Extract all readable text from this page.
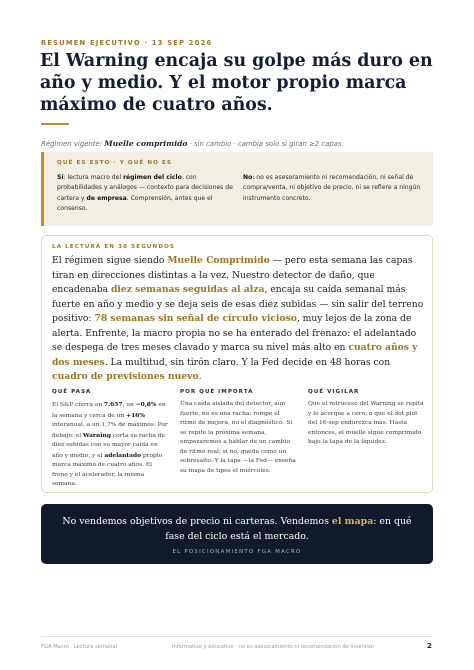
RESUMEN EJECUTIVO · 13 SEP 2026
El Warning encaja su golpe más duro en año y medio. Y el motor propio marca máximo de cuatro años.
Régimen vigente: Muelle comprimido · sin cambio · cambia solo si giran ≥2 capas.
QUÉ ES ESTO · Y QUÉ NO ES
Sí: lectura macro del régimen del ciclo, con probabilidades y análogos — contexto para decisiones de cartera y de empresa. Comprensión, antes que el consenso.
No: no es asesoramiento ni recomendación, ni señal de compra/venta, ni objetivo de precio, ni se refiere a ningún instrumento concreto.
LA LECTURA EN 30 SEGUNDOS

El régimen sigue siendo Muelle Comprimido — pero esta semana las capas tiran en direcciones distintas a la vez. Nuestro detector de daño, que encadenaba diez semanas seguidas al alza, encaja su caída semanal más fuerte en año y medio y se deja seis de esas diez subidas — sin salir del terreno positivo: 78 semanas sin señal de círculo vicioso, muy lejos de la zona de alerta. Enfrente, la macro propia no se ha enterado del frenazo: el adelantado se despega de tres meses clavado y marca su nivel más alto en cuatro años y dos meses. La multitud, sin tirón claro. Y la Fed decide en 48 horas con cuadro de previsiones nuevo.

QUÉ PASA
El S&P cierra en 7.657, un −0,8% en la semana y cerca de un +16% interanual, a un 1,7% de máximos. Por debajo: el Warning corta su racha de diez subidas con su mayor caída en año y medio, y el adelantado propio marca máximo de cuatro años. El freno y el acelerador, la misma semana.
POR QUÉ IMPORTA
Una caída aislada del detector, aun fuerte, no es una racha: rompe el ritmo de mejora, no el diagnóstico. Si se repite la próxima semana, empezaremos a hablar de un cambio de ritmo real; si no, queda como un sobresalto. Y la tapa —la Fed— enseña su mapa de tipos el miércoles.
QUÉ VIGILAR
Que el retroceso del Warning se repita y lo acerque a cero, o que el dot plot del 16-sep endurezca más. Hasta entonces, el muelle sigue comprimido bajo la tapa de la liquidez.
No vendemos objetivos de precio ni carteras. Vendemos el mapa: en qué fase del ciclo está el mercado.
EL POSICIONAMIENTO FGA MACRO
FGA Macro · Lectura semanal	Informativo y educativo · no es asesoramiento ni recomendación de inversión	2
